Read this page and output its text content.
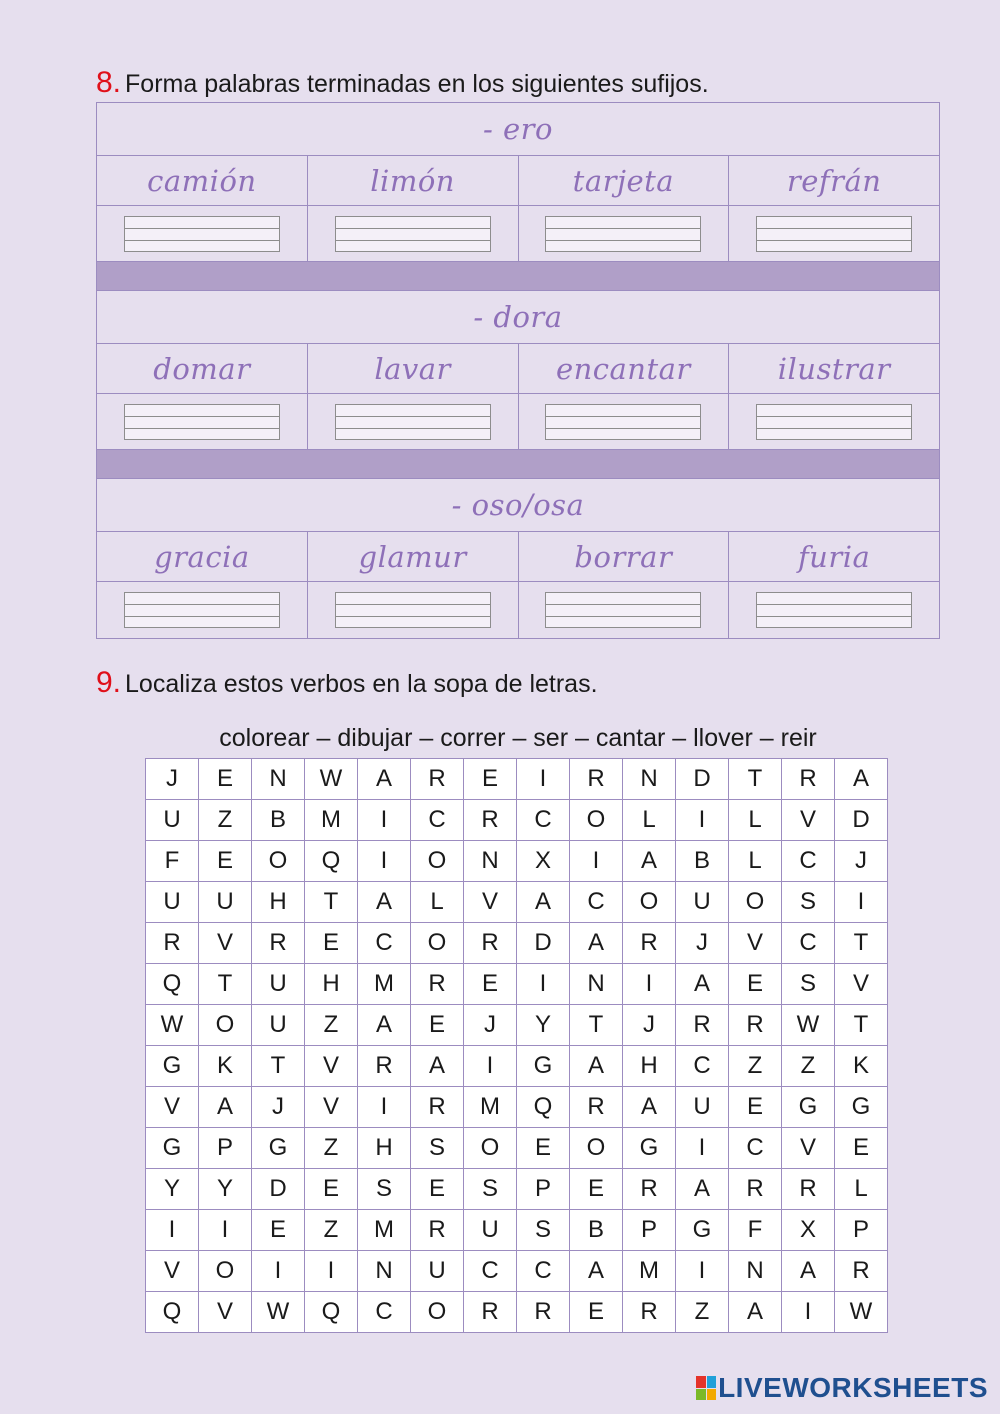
8. Forma palabras terminadas en los siguientes sufijos.
- ero
camión	limón	tarjeta	refrán
- dora
domar	lavar	encantar	ilustrar
- oso/osa
gracia	glamur	borrar	furia
9. Localiza estos verbos en la sopa de letras.
colorear – dibujar – correr – ser – cantar – llover – reir
J	E	N	W	A	R	E	I	R	N	D	T	R	A
U	Z	B	M	I	C	R	C	O	L	I	L	V	D
F	E	O	Q	I	O	N	X	I	A	B	L	C	J
U	U	H	T	A	L	V	A	C	O	U	O	S	I
R	V	R	E	C	O	R	D	A	R	J	V	C	T
Q	T	U	H	M	R	E	I	N	I	A	E	S	V
W	O	U	Z	A	E	J	Y	T	J	R	R	W	T
G	K	T	V	R	A	I	G	A	H	C	Z	Z	K
V	A	J	V	I	R	M	Q	R	A	U	E	G	G
G	P	G	Z	H	S	O	E	O	G	I	C	V	E
Y	Y	D	E	S	E	S	P	E	R	A	R	R	L
I	I	E	Z	M	R	U	S	B	P	G	F	X	P
V	O	I	I	N	U	C	C	A	M	I	N	A	R
Q	V	W	Q	C	O	R	R	E	R	Z	A	I	W
LIVEWORKSHEETS
